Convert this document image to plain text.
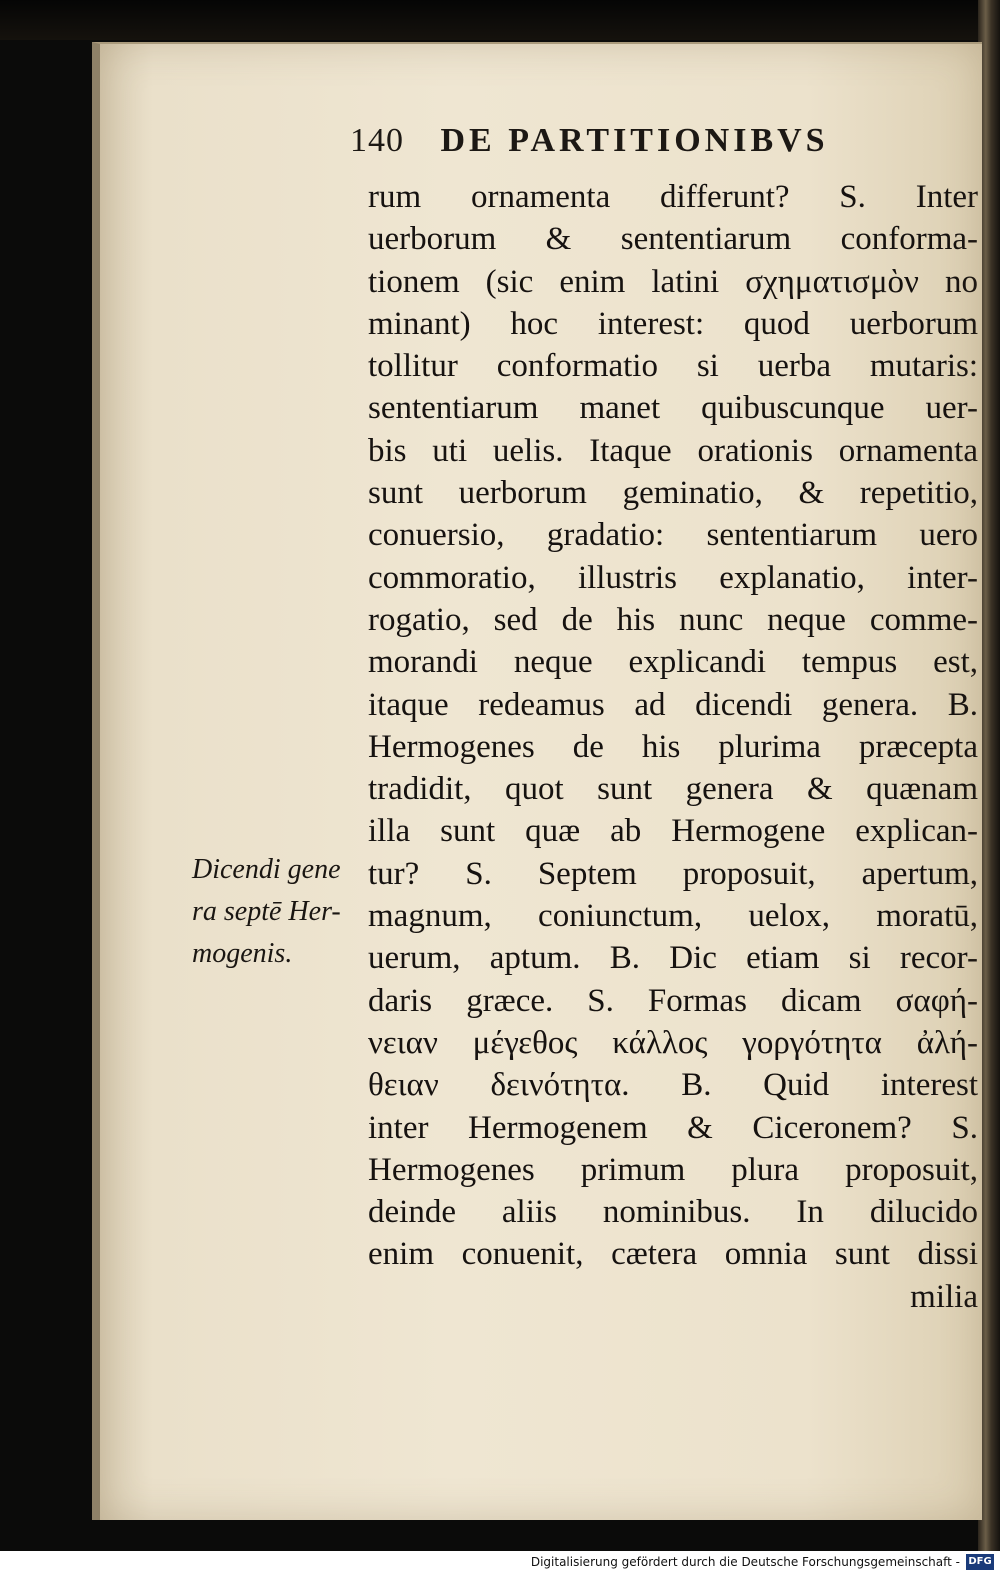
140 DE PARTITIONIBVS
Dicendi gene
ra septē Her-
mogenis.
rum ornamenta differunt? S. Inter
uerborum & sententiarum conforma-
tionem (sic enim latini σχηματισμὸν no
minant) hoc interest: quod uerborum
tollitur conformatio si uerba mutaris:
sententiarum manet quibuscunque uer-
bis uti uelis. Itaque orationis ornamenta
sunt uerborum geminatio, & repetitio,
conuersio, gradatio: sententiarum uero
commoratio, illustris explanatio, inter-
rogatio, sed de his nunc neque comme-
morandi neque explicandi tempus est,
itaque redeamus ad dicendi genera. B.
Hermogenes de his plurima præcepta
tradidit, quot sunt genera & quænam
illa sunt quæ ab Hermogene explican-
tur? S. Septem proposuit, apertum,
magnum, coniunctum, uelox, moratū,
uerum, aptum. B. Dic etiam si recor-
daris græce. S. Formas dicam σαφή-
νειαν μέγεθος κάλλος γοργότητα ἀλή-
θειαν δεινότητα. B. Quid interest
inter Hermogenem & Ciceronem? S.
Hermogenes primum plura proposuit,
deinde aliis nominibus. In dilucido
enim conuenit, cætera omnia sunt dissi
milia
Digitalisierung gefördert durch die Deutsche Forschungsgemeinschaft - DFG
